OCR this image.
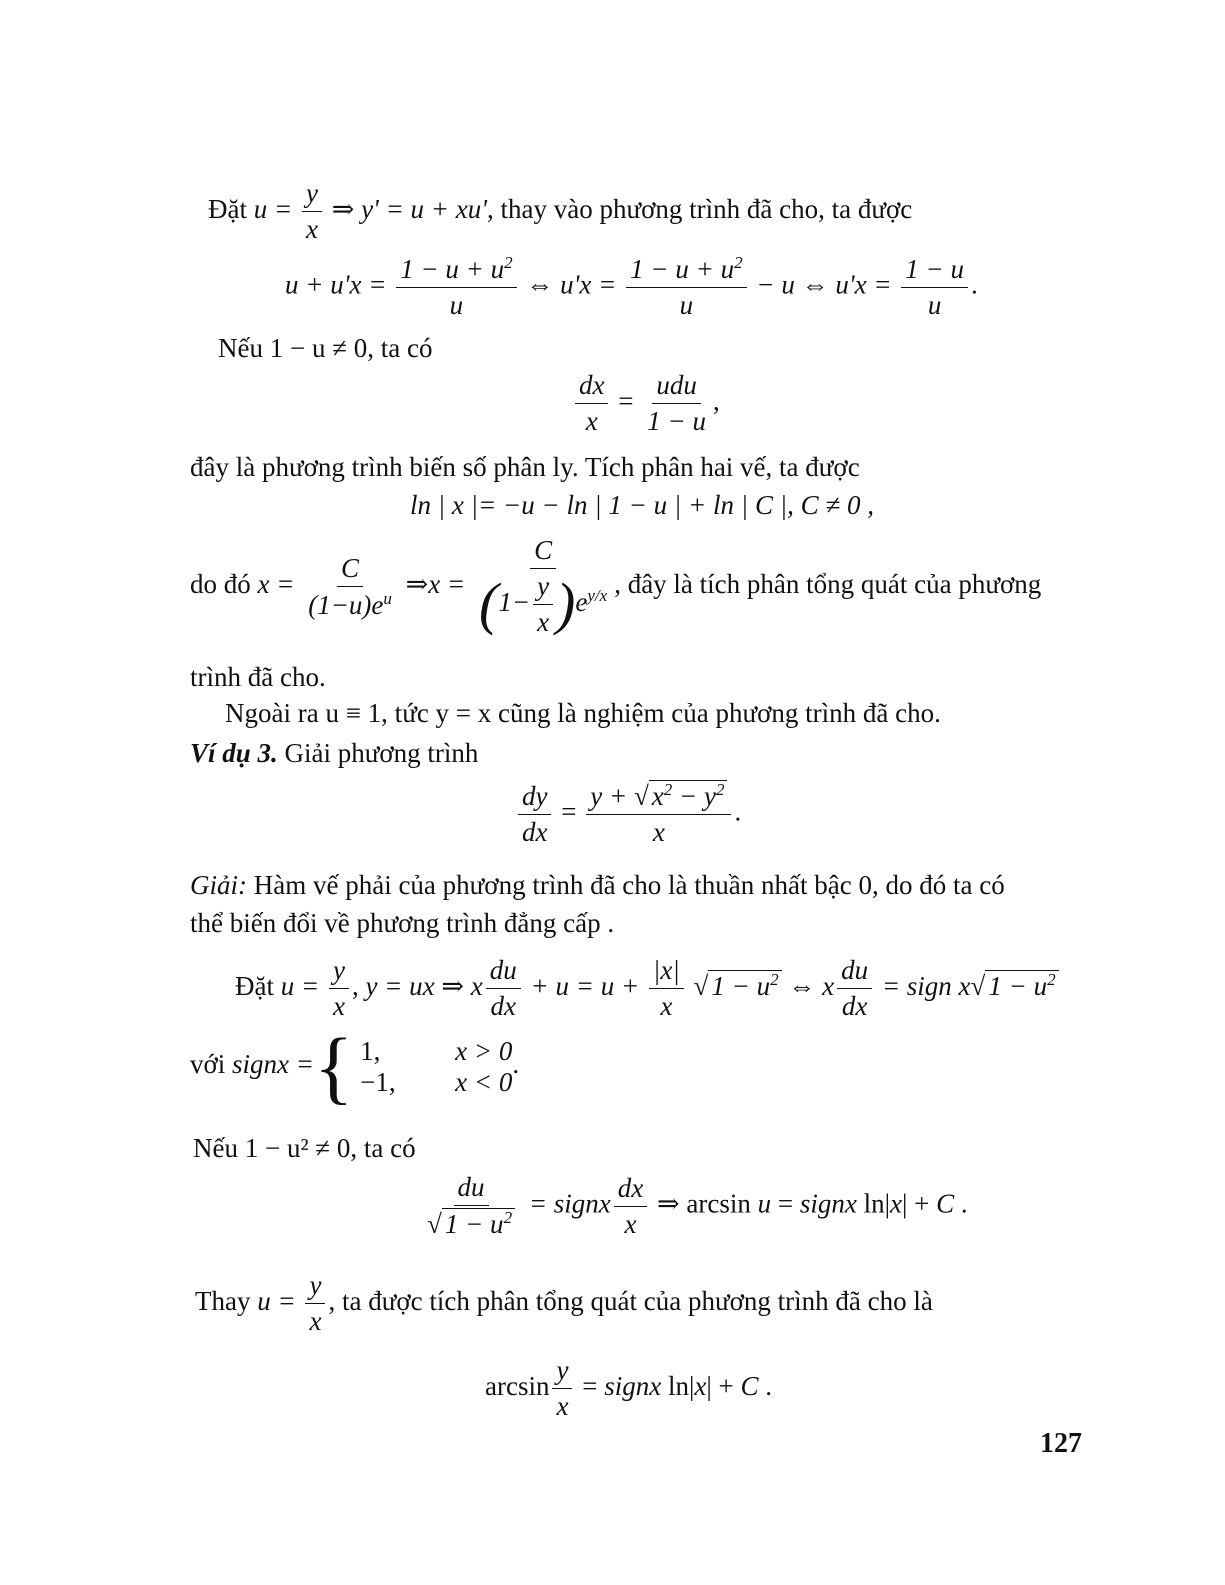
Đặt $u = \frac{y}{x}$ ⇒ y' = u + xu', thay vào phương trình đã cho, ta được
$u + u'x = \frac{1 - u + u^2}{u}$ ⇔ $u'x = \frac{1 - u + u^2}{u} - u$ ⇔ $u'x = \frac{1 - u}{u}$ .
Nếu 1 − u ≠ 0, ta có
$\frac{dx}{x} = \frac{\text{udu}}{1 - u}$ ,
đây là phương trình biến số phân ly. Tích phân hai vế, ta được
ln | x |= −u − ln | 1 − u | + ln | C |, C ≠ 0 ,
do đó $x = \frac{C}{(1-u)e^u}$ ⇒x = $\frac{C}{(1- \frac{y}{x} )e^{y/x}}$ , đây là tích phân tổng quát của phương
trình đã cho.
Ngoài ra u ≡ 1, tức y = x cũng là nghiệm của phương trình đã cho.
Ví dụ 3. Giải phương trình
$\frac{dy}{dx} = \frac{y + √ x^2 - y^2}{x}$ .
Giải: Hàm vế phải của phương trình đã cho là thuần nhất bậc 0, do đó ta có
thể biến đổi về phương trình đẳng cấp .
Đặt $u = \frac{y}{x}$ , y = ux ⇒ x $\frac{du}{dx} + u = u + \frac{|x|}{x}$ √ $1 - u^2$ ⇔ x $\frac{du}{dx}$ = sign x√ $1 - u^2$
với signx ={ 1,	x > 0
−1, x < 0
.
Nếu 1 − u² ≠ 0, ta có
$\frac{du}{√ 1 - u^2}$ = signx $\frac{dx}{x}$ ⇒ arcsin u = signx ln|x| + C .
Thay $u = \frac{y}{x}$ , ta được tích phân tổng quát của phương trình đã cho là
$\arcsin \frac{y}{x}$ = signx ln|x| + C .
127
